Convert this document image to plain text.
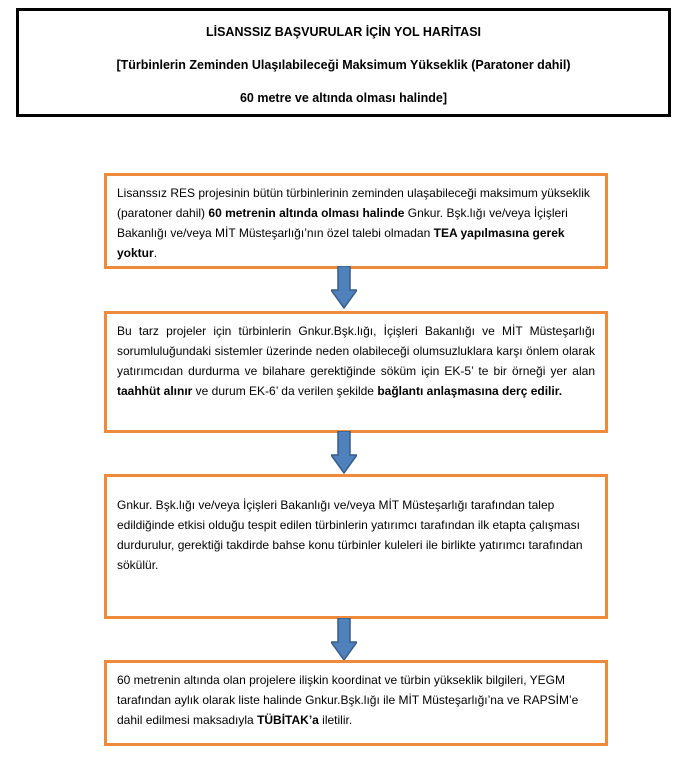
LİSANSSIZ BAŞVURULAR İÇİN YOL HARİTASI
[Türbinlerin Zeminden Ulaşılabileceği Maksimum Yükseklik (Paratoner dahil)
60 metre ve altında olması halinde]
Lisanssız RES projesinin bütün türbinlerinin zeminden ulaşabileceği maksimum yükseklik (paratoner dahil) 60 metrenin altında olması halinde Gnkur. Bşk.lığı ve/veya İçişleri Bakanlığı ve/veya MİT Müsteşarlığı’nın özel talebi olmadan TEA yapılmasına gerek yoktur.
Bu tarz projeler için türbinlerin Gnkur.Bşk.lığı, İçişleri Bakanlığı ve MİT Müsteşarlığı sorumluluğundaki sistemler üzerinde neden olabileceği olumsuzluklara karşı önlem olarak yatırımcıdan durdurma ve bilahare gerektiğinde söküm için EK-5’ te bir örneği yer alan taahhüt alınır ve durum EK-6’ da verilen şekilde bağlantı anlaşmasına derç edilir.
Gnkur. Bşk.lığı ve/veya İçişleri Bakanlığı ve/veya MİT Müsteşarlığı tarafından talep edildiğinde etkisi olduğu tespit edilen türbinlerin yatırımcı tarafından ilk etapta çalışması durdurulur, gerektiği takdirde bahse konu türbinler kuleleri ile birlikte yatırımcı tarafından sökülür.
60 metrenin altında olan projelere ilişkin koordinat ve türbin yükseklik bilgileri, YEGM tarafından aylık olarak liste halinde Gnkur.Bşk.lığı ile MİT Müsteşarlığı’na ve RAPSİM’e dahil edilmesi maksadıyla TÜBİTAK’a iletilir.
